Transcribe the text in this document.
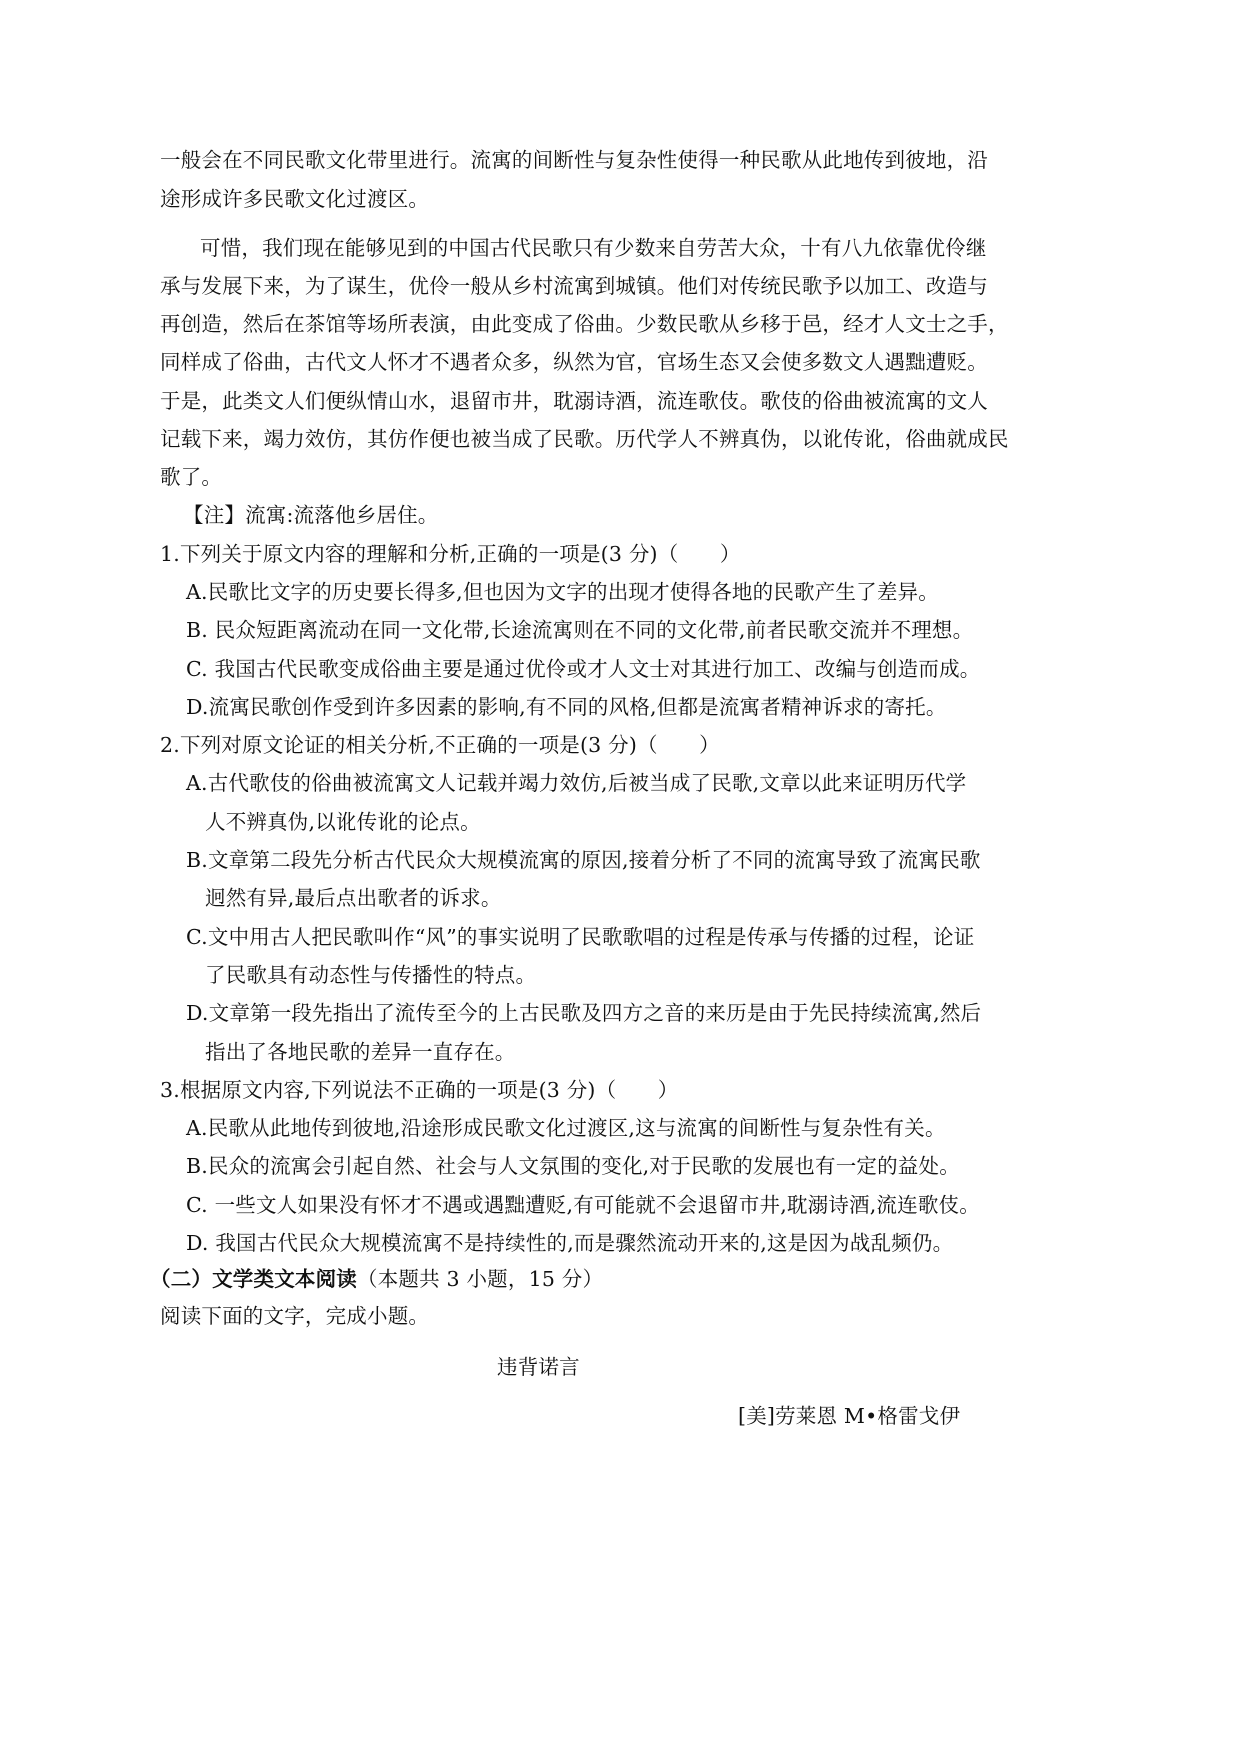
一般会在不同民歌文化带里进行。流寓的间断性与复杂性使得一种民歌从此地传到彼地，沿
途形成许多民歌文化过渡区。
可惜，我们现在能够见到的中国古代民歌只有少数来自劳苦大众，十有八九依靠优伶继
承与发展下来，为了谋生，优伶一般从乡村流寓到城镇。他们对传统民歌予以加工、改造与
再创造，然后在茶馆等场所表演，由此变成了俗曲。少数民歌从乡移于邑，经才人文士之手，
同样成了俗曲，古代文人怀才不遇者众多，纵然为官，官场生态又会使多数文人遇黜遭贬。
于是，此类文人们便纵情山水，退留市井，耽溺诗酒，流连歌伎。歌伎的俗曲被流寓的文人
记载下来，竭力效仿，其仿作便也被当成了民歌。历代学人不辨真伪，以讹传讹，俗曲就成民
歌了。
【注】流寓:流落他乡居住。
1.下列关于原文内容的理解和分析,正确的一项是(3 分)（　　）
A.民歌比文字的历史要长得多,但也因为文字的出现才使得各地的民歌产生了差异。
B. 民众短距离流动在同一文化带,长途流寓则在不同的文化带,前者民歌交流并不理想。
C. 我国古代民歌变成俗曲主要是通过优伶或才人文士对其进行加工、改编与创造而成。
D.流寓民歌创作受到许多因素的影响,有不同的风格,但都是流寓者精神诉求的寄托。
2.下列对原文论证的相关分析,不正确的一项是(3 分)（　　）
A.古代歌伎的俗曲被流寓文人记载并竭力效仿,后被当成了民歌,文章以此来证明历代学
人不辨真伪,以讹传讹的论点。
B.文章第二段先分析古代民众大规模流寓的原因,接着分析了不同的流寓导致了流寓民歌
迥然有异,最后点出歌者的诉求。
C.文中用古人把民歌叫作“风”的事实说明了民歌歌唱的过程是传承与传播的过程，论证
了民歌具有动态性与传播性的特点。
D.文章第一段先指出了流传至今的上古民歌及四方之音的来历是由于先民持续流寓,然后
指出了各地民歌的差异一直存在。
3.根据原文内容,下列说法不正确的一项是(3 分)（　　）
A.民歌从此地传到彼地,沿途形成民歌文化过渡区,这与流寓的间断性与复杂性有关。
B.民众的流寓会引起自然、社会与人文氛围的变化,对于民歌的发展也有一定的益处。
C. 一些文人如果没有怀才不遇或遇黜遭贬,有可能就不会退留市井,耽溺诗酒,流连歌伎。
D. 我国古代民众大规模流寓不是持续性的,而是骤然流动开来的,这是因为战乱频仍。
（二）文学类文本阅读（本题共 3 小题，15 分）
阅读下面的文字，完成小题。
违背诺言
[美]劳莱恩 M•格雷戈伊
